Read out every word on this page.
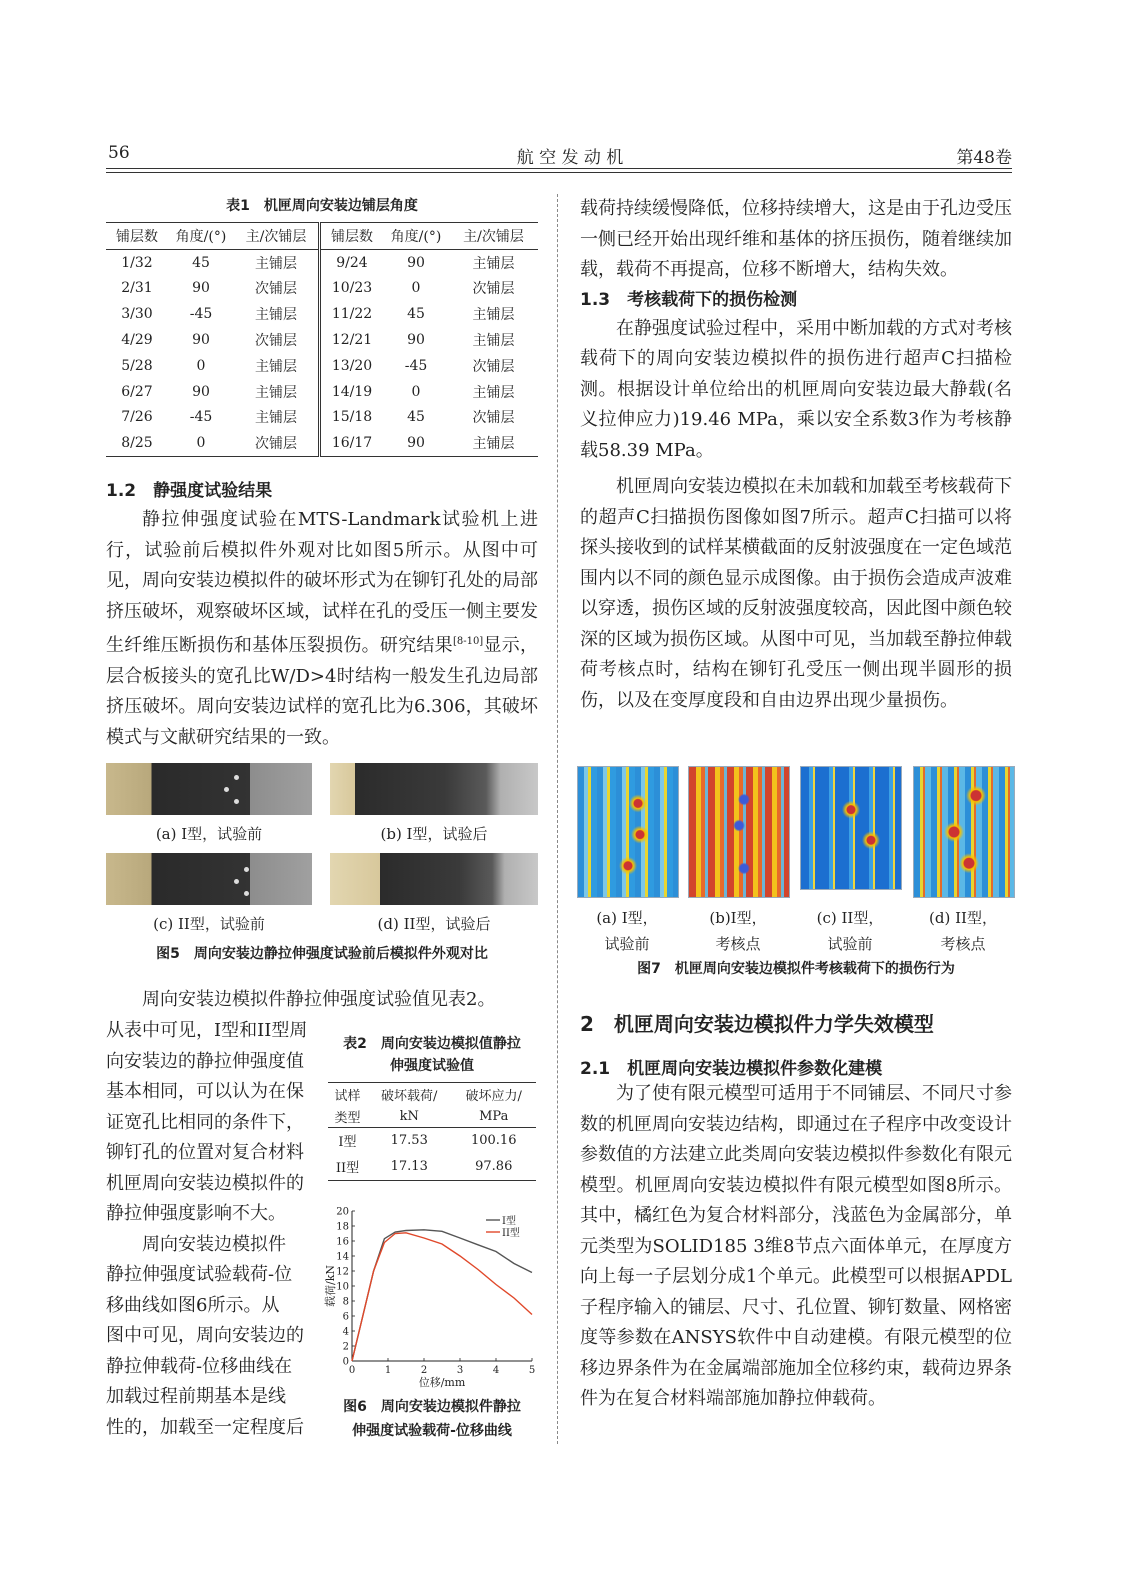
56	航 空 发 动 机	第48卷
表1　机匣周向安装边铺层角度
铺层数	角度/(°)	主/次铺层	铺层数	角度/(°)	主/次铺层
1/32	45	主铺层	9/24	90	主铺层
2/31	90	次铺层	10/23	0	次铺层
3/30	-45	主铺层	11/22	45	主铺层
4/29	90	次铺层	12/21	90	主铺层
5/28	0	主铺层	13/20	-45	次铺层
6/27	90	主铺层	14/19	0	主铺层
7/26	-45	主铺层	15/18	45	次铺层
8/25	0	次铺层	16/17	90	主铺层
1.2　静强度试验结果

静拉伸强度试验在MTS-Landmark试验机上进行，试验前后模拟件外观对比如图5所示。从图中可见，周向安装边模拟件的破坏形式为在铆钉孔处的局部挤压破坏，观察破坏区域，试样在孔的受压一侧主要发生纤维压断损伤和基体压裂损伤。研究结果[8-10]显示，层合板接头的宽孔比W/D>4时结构一般发生孔边局部挤压破坏。周向安装边试样的宽孔比为6.306，其破坏模式与文献研究结果的一致。

(a) I型，试验前	(b) I型，试验后
(c) II型，试验前	(d) II型，试验后
图5　周向安装边静拉伸强度试验前后模拟件外观对比
周向安装边模拟件静拉伸强度试验值见表2。
从表中可见，I型和II型周
向安装边的静拉伸强度值
基本相同，可以认为在保
证宽孔比相同的条件下，
铆钉孔的位置对复合材料
机匣周向安装边模拟件的
静拉伸强度影响不大。
周向安装边模拟件
静拉伸强度试验载荷-位
移曲线如图6所示。从
图中可见，周向安装边的
静拉伸载荷-位移曲线在
加载过程前期基本是线
性的，加载至一定程度后
表2　周向安装边模拟值静拉
伸强度试验值
试样	破坏载荷/	破坏应力/
类型	kN	MPa
I型	17.53	100.16
II型	17.13	97.86
0
2
4
6
8
10
12
14
16
18
20
0	1	2	3	4	5
位移/mm
载荷/kN
I型
II型
图6　周向安装边模拟件静拉
伸强度试验载荷-位移曲线

载荷持续缓慢降低，位移持续增大，这是由于孔边受压一侧已经开始出现纤维和基体的挤压损伤，随着继续加载，载荷不再提高，位移不断增大，结构失效。

1.3　考核载荷下的损伤检测

在静强度试验过程中，采用中断加载的方式对考核载荷下的周向安装边模拟件的损伤进行超声C扫描检测。根据设计单位给出的机匣周向安装边最大静载(名义拉伸应力)19.46 MPa，乘以安全系数3作为考核静载58.39 MPa。

机匣周向安装边模拟在未加载和加载至考核载荷下的超声C扫描损伤图像如图7所示。超声C扫描可以将探头接收到的试样某横截面的反射波强度在一定色域范围内以不同的颜色显示成图像。由于损伤会造成声波难以穿透，损伤区域的反射波强度较高，因此图中颜色较深的区域为损伤区域。从图中可见，当加载至静拉伸载荷考核点时，结构在铆钉孔受压一侧出现半圆形的损伤，以及在变厚度段和自由边界出现少量损伤。

(a) I型，
试验前
(b)I型，
考核点
(c) II型，
试验前
(d) II型，
考核点
图7　机匣周向安装边模拟件考核载荷下的损伤行为
2　机匣周向安装边模拟件力学失效模型
2.1　机匣周向安装边模拟件参数化建模

为了使有限元模型可适用于不同铺层、不同尺寸参数的机匣周向安装边结构，即通过在子程序中改变设计参数值的方法建立此类周向安装边模拟件参数化有限元模型。机匣周向安装边模拟件有限元模型如图8所示。其中，橘红色为复合材料部分，浅蓝色为金属部分，单元类型为SOLID185 3维8节点六面体单元，在厚度方向上每一子层划分成1个单元。此模型可以根据APDL子程序输入的铺层、尺寸、孔位置、铆钉数量、网格密度等参数在ANSYS软件中自动建模。有限元模型的位移边界条件为在金属端部施加全位移约束，载荷边界条件为在复合材料端部施加静拉伸载荷。
